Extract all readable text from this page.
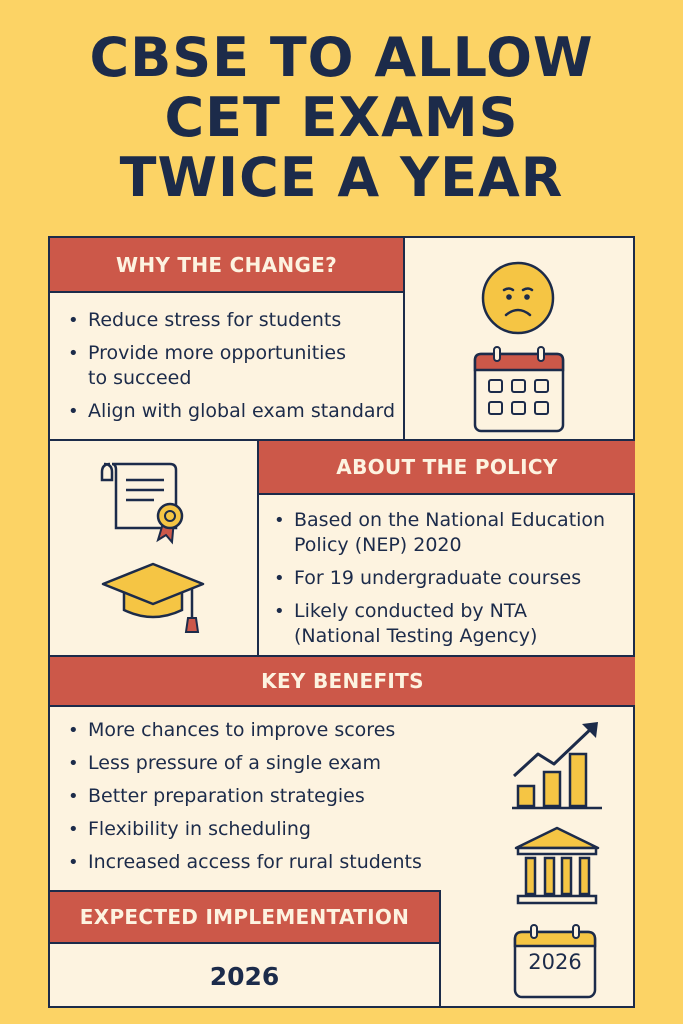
CBSE TO ALLOW
CET EXAMS
TWICE A YEAR
WHY THE CHANGE?
• Reduce stress for students
• Provide more opportunities to succeed
• Align with global exam standard
ABOUT THE POLICY
• Based on the National Education Policy (NEP) 2020
• For 19 undergraduate courses
• Likely conducted by NTA (National Testing Agency)
KEY BENEFITS
• More chances to improve scores
• Less pressure of a single exam
• Better preparation strategies
• Flexibility in scheduling
• Increased access for rural students
EXPECTED IMPLEMENTATION
2026	2026
